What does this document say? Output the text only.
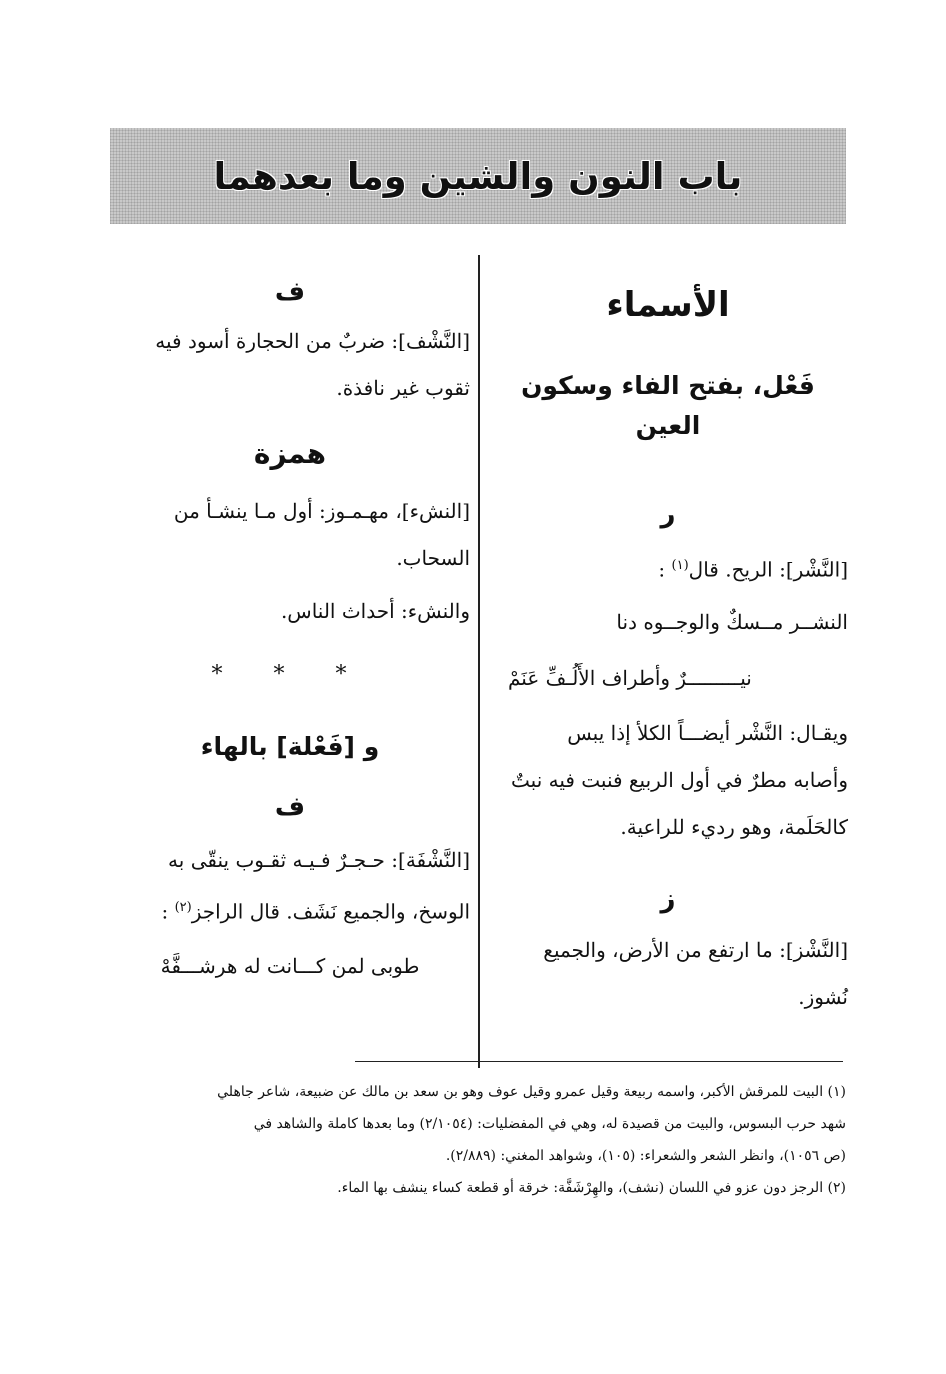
باب النون والشين وما بعدهما
الأسماء
فَعْل، بفتح الفاء وسكون العين
ر
[النَّشْر]: الريح. قال$^{(١)}$ :
النشــر مــسكٌ والوجــوه دنا
نيـــــــــرٌ وأطراف الأَلُـفِّ عَنَمْ
ويقـال: النَّشْر أيضـــاً الكلأ إذا يبس
وأصابه مطرٌ في أول الربيع فنبت فيه نبتٌ
كالحَلَمة، وهو رديء للراعية.
ز
[النَّشْز]: ما ارتفع من الأرض، والجميع
نُشوز.
ف
[النَّشْف]: ضربٌ من الحجارة أسود فيه
ثقوب غير نافذة.
همزة
[النشء]، مهـمـوز: أول مـا ينشـأ من
السحاب.
والنشء: أحداث الناس.
* * *
و [فَعْلة] بالهاء
ف
[النَّشْفَة]: حـجـرٌ فـيـه ثقـوب ينقّى به
الوسخ، والجميع نَشَف. قال الراجز$^{(٢)}$ :
طوبى لمن كـــانت له هرشـــفَّهْ
(١) البيت للمرقش الأكبر، واسمه ربيعة وقيل عمرو وقيل عوف وهو بن سعد بن مالك عن ضبيعة، شاعر جاهلي
شهد حرب البسوس، والبيت من قصيدة له، وهي في المفضليات: (٢/١٠٥٤) وما بعدها كاملة والشاهد في
(ص ١٠٥٦)، وانظر الشعر والشعراء: (١٠٥)، وشواهد المغني: (٢/٨٨٩).
(٢) الرجز دون عزو في اللسان (نشف)، والهِرْشَفَّة: خرقة أو قطعة كساء ينشف بها الماء.
